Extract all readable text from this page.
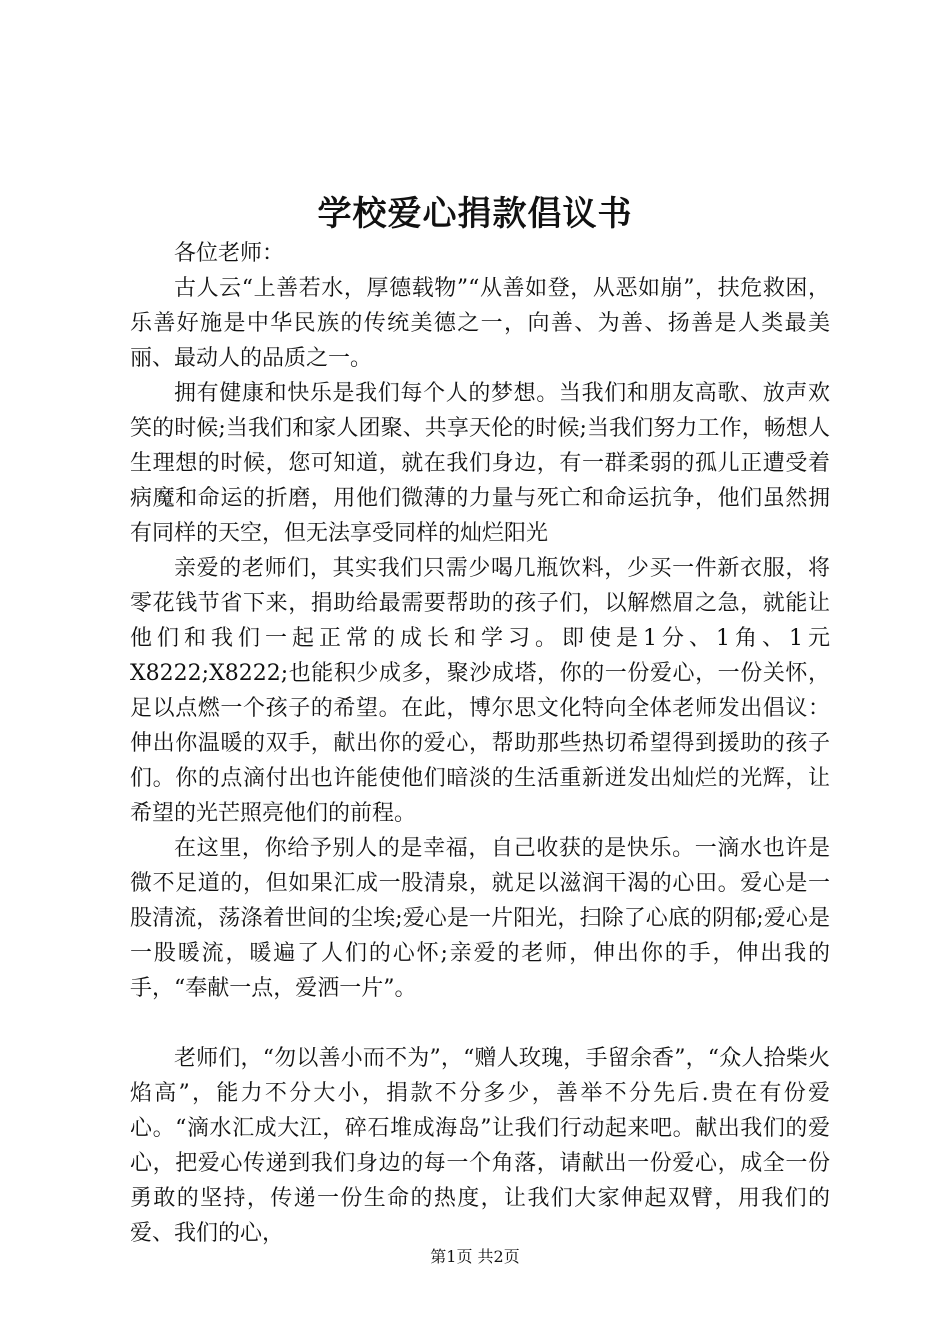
学校爱心捐款倡议书

各位老师：

古人云“上善若水，厚德载物”“从善如登，从恶如崩”，扶危救困，乐善好施是中华民族的传统美德之一，向善、为善、扬善是人类最美丽、最动人的品质之一。

拥有健康和快乐是我们每个人的梦想。当我们和朋友高歌、放声欢笑的时候;当我们和家人团聚、共享天伦的时候;当我们努力工作，畅想人生理想的时候，您可知道，就在我们身边，有一群柔弱的孤儿正遭受着病魔和命运的折磨，用他们微薄的力量与死亡和命运抗争，他们虽然拥有同样的天空，但无法享受同样的灿烂阳光

亲爱的老师们，其实我们只需少喝几瓶饮料，少买一件新衣服，将零花钱节省下来，捐助给最需要帮助的孩子们，以解燃眉之急，就能让他们和我们一起正常的成长和学习。即使是1分、1角、1元X8222;X8222;也能积少成多，聚沙成塔，你的一份爱心，一份关怀，足以点燃一个孩子的希望。在此，博尔思文化特向全体老师发出倡议：伸出你温暖的双手，献出你的爱心，帮助那些热切希望得到援助的孩子们。你的点滴付出也许能使他们暗淡的生活重新迸发出灿烂的光辉，让希望的光芒照亮他们的前程。

在这里，你给予别人的是幸福，自己收获的是快乐。一滴水也许是微不足道的，但如果汇成一股清泉，就足以滋润干渴的心田。爱心是一股清流，荡涤着世间的尘埃;爱心是一片阳光，扫除了心底的阴郁;爱心是一股暖流，暖遍了人们的心怀;亲爱的老师，伸出你的手，伸出我的手，“奉献一点，爱洒一片”。

老师们，“勿以善小而不为”，“赠人玫瑰，手留余香”，“众人拾柴火焰高”，能力不分大小，捐款不分多少，善举不分先后.贵在有份爱心。“滴水汇成大江，碎石堆成海岛”让我们行动起来吧。献出我们的爱心，把爱心传递到我们身边的每一个角落，请献出一份爱心，成全一份勇敢的坚持，传递一份生命的热度，让我们大家伸起双臂，用我们的爱、我们的心，

第1页 共2页
